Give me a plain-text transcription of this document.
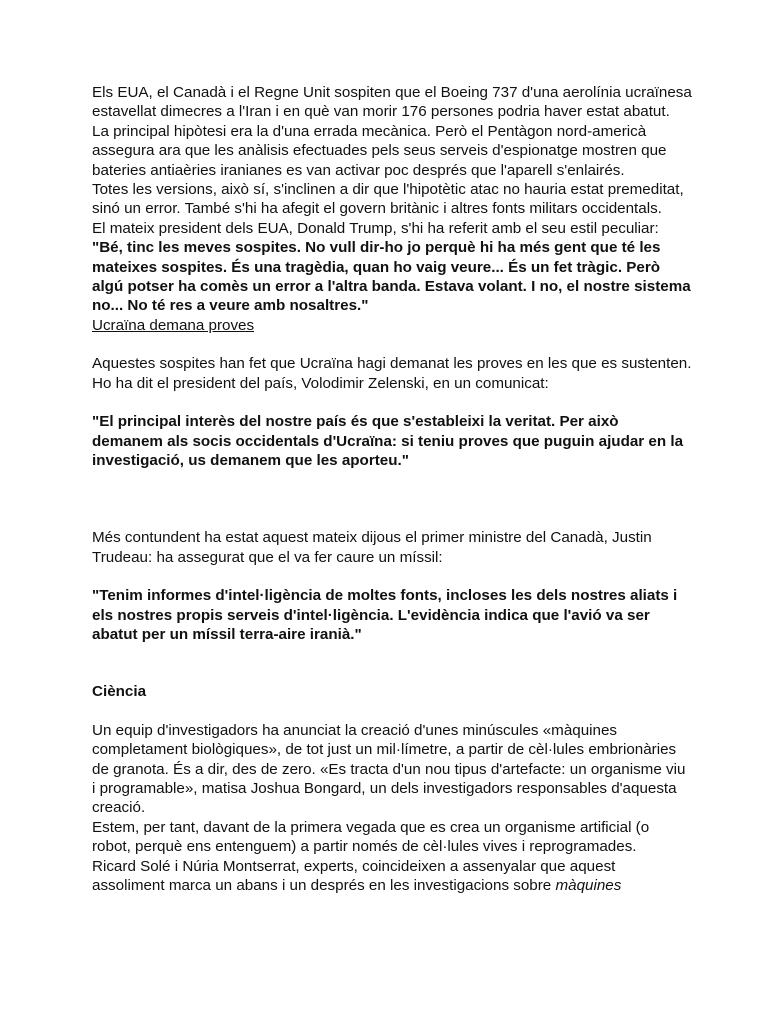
Els EUA, el Canadà i el Regne Unit sospiten que el Boeing 737 d'una aerolínia ucraïnesa estavellat dimecres a l'Iran i en què van morir 176 persones podria haver estat abatut.

La principal hipòtesi era la d'una errada mecànica. Però el Pentàgon nord-americà assegura ara que les anàlisis efectuades pels seus serveis d'espionatge mostren que bateries antiaèries iranianes es van activar poc després que l'aparell s'enlairés.

Totes les versions, això sí, s'inclinen a dir que l'hipotètic atac no hauria estat premeditat, sinó un error. També s'hi ha afegit el govern britànic i altres fonts militars occidentals.

El mateix president dels EUA, Donald Trump, s'hi ha referit amb el seu estil peculiar:

"Bé, tinc les meves sospites. No vull dir-ho jo perquè hi ha més gent que té les mateixes sospites. És una tragèdia, quan ho vaig veure... És un fet tràgic. Però algú potser ha comès un error a l'altra banda. Estava volant. I no, el nostre sistema no... No té res a veure amb nosaltres."

Ucraïna demana proves

Aquestes sospites han fet que Ucraïna hagi demanat les proves en les que es sustenten. Ho ha dit el president del país, Volodimir Zelenski, en un comunicat:

"El principal interès del nostre país és que s'estableixi la veritat. Per això demanem als socis occidentals d'Ucraïna: si teniu proves que puguin ajudar en la investigació, us demanem que les aporteu."

Més contundent ha estat aquest mateix dijous el primer ministre del Canadà, Justin Trudeau: ha assegurat que el va fer caure un míssil:

"Tenim informes d'intel·ligència de moltes fonts, incloses les dels nostres aliats i els nostres propis serveis d'intel·ligència. L'evidència indica que l'avió va ser abatut per un míssil terra-aire iranià."

Ciència

Un equip d'investigadors ha anunciat la creació d'unes minúscules «màquines completament biològiques», de tot just un mil·límetre, a partir de cèl·lules embrionàries de granota. És a dir, des de zero. «Es tracta d'un nou tipus d'artefacte: un organisme viu i programable», matisa Joshua Bongard, un dels investigadors responsables d'aquesta creació.

Estem, per tant, davant de la primera vegada que es crea un organisme artificial (o robot, perquè ens entenguem) a partir només de cèl·lules vives i reprogramades.

Ricard Solé i Núria Montserrat, experts, coincideixen a assenyalar que aquest assoliment marca un abans i un després en les investigacions sobre màquines
